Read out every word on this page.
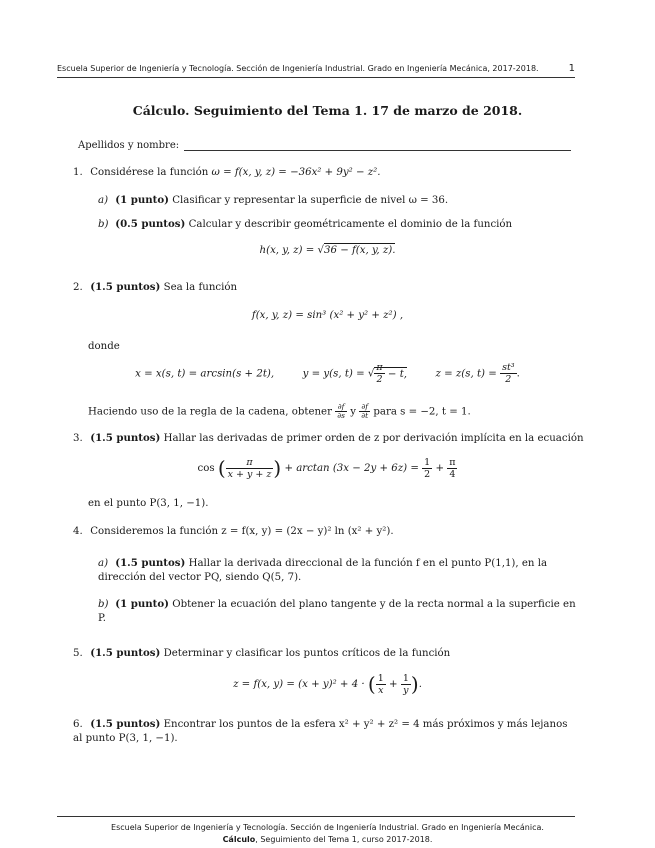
Escuela Superior de Ingeniería y Tecnología. Sección de Ingeniería Industrial. Grado en Ingeniería Mecánica, 2017-2018.	1
Cálculo. Seguimiento del Tema 1. 17 de marzo de 2018.
Apellidos y nombre:
1. Considérese la función ω = f(x, y, z) = −36x² + 9y² − z².
a) (1 punto) Clasificar y representar la superficie de nivel ω = 36.
b) (0.5 puntos) Calcular y describir geométricamente el dominio de la función
h(x, y, z) = √36 − f(x, y, z).
2. (1.5 puntos) Sea la función
f(x, y, z) = sin³ (x² + y² + z²) ,
donde
x = x(s, t) = arcsin(s + 2t),	y = y(s, t) = √ $\frac{\pi}{2} - t$,	z = z(s, $t) = \frac{\text{st³}}{2}$ .
Haciendo uso de la regla de la cadena, obtener $\frac{\partial f}{\partial s}$ y $\frac{\partial f}{\partial t}$ para s = −2, t = 1.
3. (1.5 puntos) Hallar las derivadas de primer orden de z por derivación implícita en la ecuación
cos ( $\frac{\pi}{x + y + z}$ ) + $\arctan (3x - 2y + 6z) = \frac{1}{2} + \frac{\pi}{4}$
en el punto P(3, 1, −1).
4. Consideremos la función z = f(x, y) = (2x − y)² ln (x² + y²).
a) (1.5 puntos) Hallar la derivada direccional de la función f en el punto P(1,1), en la dirección del vector PQ, siendo Q(5, 7).
b) (1 punto) Obtener la ecuación del plano tangente y de la recta normal a la superficie en P.
5. (1.5 puntos) Determinar y clasificar los puntos críticos de la función
z = f(x, y) = (x + y)² + 4 · ( $\frac{1}{x} + \frac{1}{y}$ ).
6. (1.5 puntos) Encontrar los puntos de la esfera x² + y² + z² = 4 más próximos y más lejanos al punto P(3, 1, −1).
Escuela Superior de Ingeniería y Tecnología. Sección de Ingeniería Industrial. Grado en Ingeniería Mecánica.
Cálculo, Seguimiento del Tema 1, curso 2017-2018.
